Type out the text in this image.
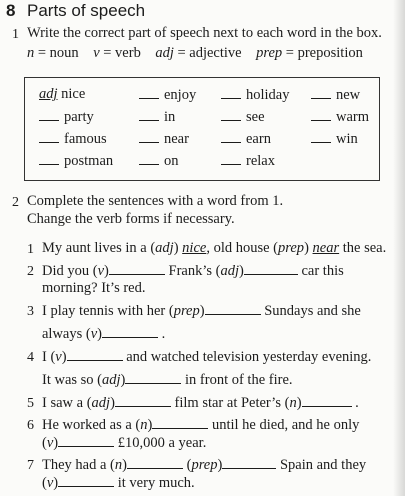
8 Parts of speech
1 Write the correct part of speech next to each word in the box.
n = noun v = verb adj = adjective prep = preposition
adj nice	enjoy	holiday	new
party	in	see	warm
famous	near	earn	win
postman	on	relax
2 Complete the sentences with a word from 1.
Change the verb forms if necessary.
1 My aunt lives in a (adj) nice, old house (prep) near the sea.
2 Did you (v)	Frank’s (adj)	car this
morning? It’s red.
3 I play tennis with her (prep)	Sundays and she
always (v)	.
4 I (v)	and watched television yesterday evening.
It was so (adj)	in front of the fire.
5 I saw a (adj)	film star at Peter’s (n)	.
6 He worked as a (n)	until he died, and he only
(v)	£10,000 a year.
7 They had a (n)	(prep)	Spain and they
(v)	it very much.
